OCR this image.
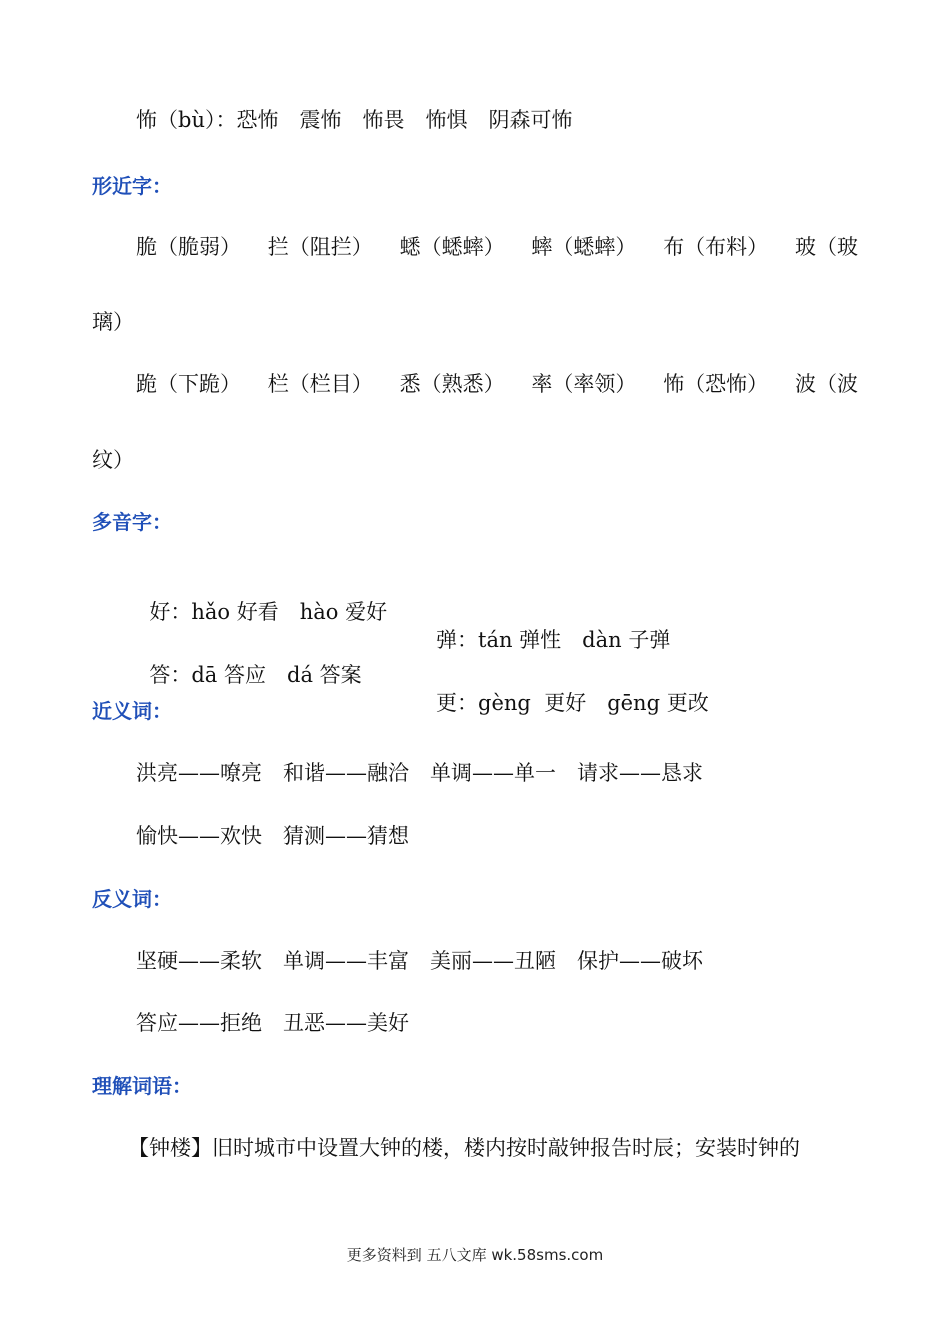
怖（bù）：恐怖　震怖　怖畏　怖惧　阴森可怖
形近字：
脆（脆弱） 拦（阻拦） 蟋（蟋蟀） 蟀（蟋蟀） 布（布料） 玻（玻
璃）
跪（下跪） 栏（栏目） 悉（熟悉） 率（率领） 怖（恐怖） 波（波
纹）
多音字：

好：hǎo 好看　hào 爱好

弹：tán 弹性　dàn 子弹

答：dā 答应　dá 答案

更：gèng  更好　gēng 更改

近义词：
洪亮——嘹亮　和谐——融洽　单调——单一　请求——恳求
愉快——欢快　猜测——猜想
反义词：
坚硬——柔软　单调——丰富　美丽——丑陋　保护——破坏
答应——拒绝　丑恶——美好
理解词语：
【钟楼】旧时城市中设置大钟的楼，楼内按时敲钟报告时辰；安装时钟的
更多资料到 五八文库 wk.58sms.com
